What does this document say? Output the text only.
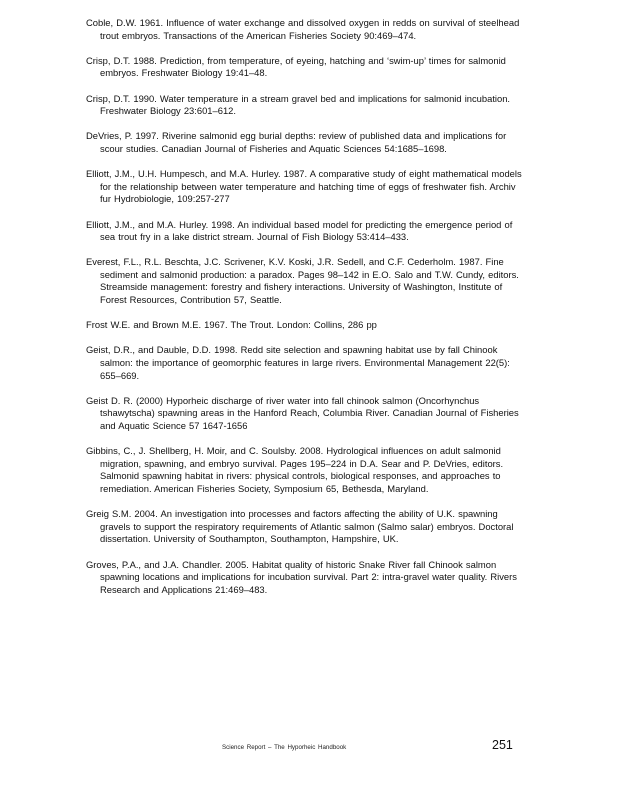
Coble, D.W. 1961. Influence of water exchange and dissolved oxygen in redds on survival of steelhead trout embryos. Transactions of the American Fisheries Society 90:469–474.

Crisp, D.T. 1988. Prediction, from temperature, of eyeing, hatching and ‘swim-up’ times for salmonid embryos. Freshwater Biology 19:41–48.

Crisp, D.T. 1990. Water temperature in a stream gravel bed and implications for salmonid incubation. Freshwater Biology 23:601–612.

DeVries, P. 1997. Riverine salmonid egg burial depths: review of published data and implications for scour studies. Canadian Journal of Fisheries and Aquatic Sciences 54:1685–1698.

Elliott, J.M., U.H. Humpesch, and M.A. Hurley. 1987. A comparative study of eight mathematical models for the relationship between water temperature and hatching time of eggs of freshwater fish. Archiv fur Hydrobiologie, 109:257-277

Elliott, J.M., and M.A. Hurley. 1998. An individual based model for predicting the emergence period of sea trout fry in a lake district stream. Journal of Fish Biology 53:414–433.

Everest, F.L., R.L. Beschta, J.C. Scrivener, K.V. Koski, J.R. Sedell, and C.F. Cederholm. 1987. Fine sediment and salmonid production: a paradox. Pages 98–142 in E.O. Salo and T.W. Cundy, editors. Streamside management: forestry and fishery interactions. University of Washington, Institute of Forest Resources, Contribution 57, Seattle.

Frost W.E. and Brown M.E. 1967. The Trout. London: Collins, 286 pp

Geist, D.R., and Dauble, D.D. 1998. Redd site selection and spawning habitat use by fall Chinook salmon: the importance of geomorphic features in large rivers. Environmental Management 22(5): 655–669.

Geist D. R. (2000) Hyporheic discharge of river water into fall chinook salmon (Oncorhynchus tshawytscha) spawning areas in the Hanford Reach, Columbia River. Canadian Journal of Fisheries and Aquatic Science 57 1647-1656

Gibbins, C., J. Shellberg, H. Moir, and C. Soulsby. 2008. Hydrological influences on adult salmonid migration, spawning, and embryo survival. Pages 195–224 in D.A. Sear and P. DeVries, editors. Salmonid spawning habitat in rivers: physical controls, biological responses, and approaches to remediation. American Fisheries Society, Symposium 65, Bethesda, Maryland.

Greig S.M. 2004. An investigation into processes and factors affecting the ability of U.K. spawning gravels to support the respiratory requirements of Atlantic salmon (Salmo salar) embryos. Doctoral dissertation. University of Southampton, Southampton, Hampshire, UK.

Groves, P.A., and J.A. Chandler. 2005. Habitat quality of historic Snake River fall Chinook salmon spawning locations and implications for incubation survival. Part 2: intra-gravel water quality. Rivers Research and Applications 21:469–483.

Science Report – The Hyporheic Handbook	251
